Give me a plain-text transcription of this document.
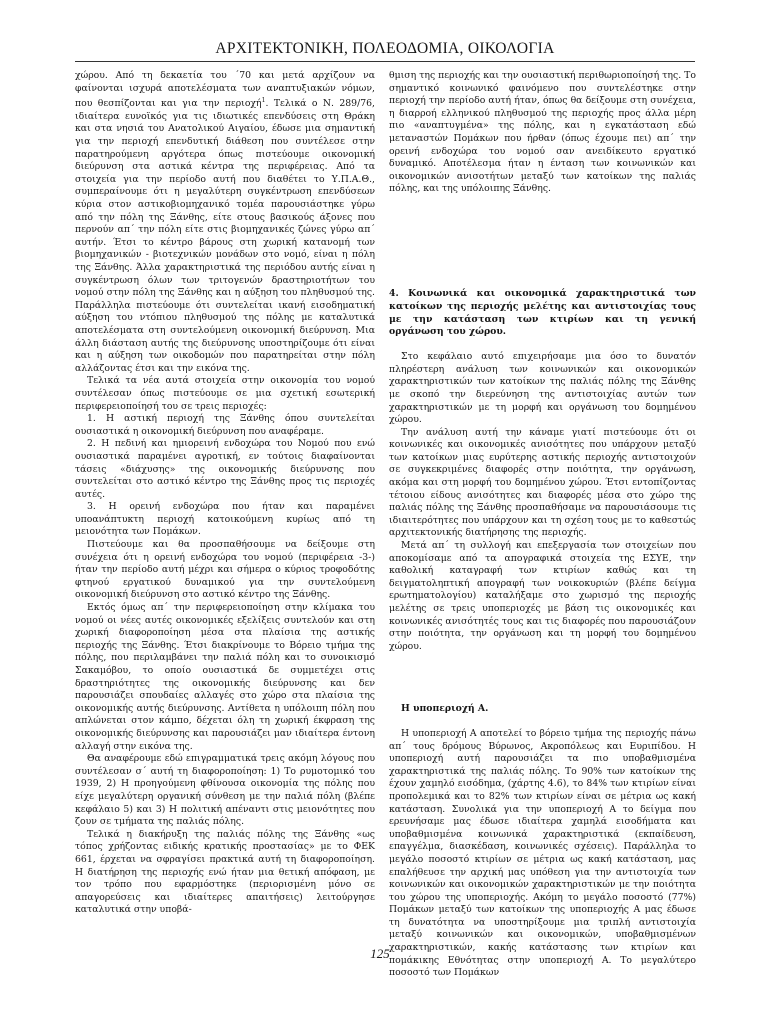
ΑΡΧΙΤΕΚΤΟΝΙΚΗ, ΠΟΛΕΟΔΟΜΙΑ, ΟΙΚΟΛΟΓΙΑ

χώρου. Από τη δεκαετία του ΄70 και μετά αρχίζουν να φαίνονται ισχυρά αποτελέσματα των αναπτυξιακών νόμων, που θεσπίζονται και για την περιοχή$^1$. Τελικά ο Ν. 289/76, ιδιαίτερα ευνοϊκός για τις ιδιωτικές επενδύσεις στη Θράκη και στα νησιά του Ανατολικού Αιγαίου, έδωσε μια σημαντική για την περιοχή επενδυτική διάθεση που συντέλεσε στην παρατηρούμενη αργότερα όπως πιστεύουμε οικονομική διεύρυνση στα αστικά κέντρα της περιφέρειας. Από τα στοιχεία για την περίοδο αυτή που διαθέτει το Υ.Π.Α.Θ., συμπεραίνουμε ότι η μεγαλύτερη συγκέντρωση επενδύσεων κύρια στον αστικοβιομηχανικό τομέα παρουσιάστηκε γύρω από την πόλη της Ξάνθης, είτε στους βασικούς άξονες που περνούν απ΄ την πόλη είτε στις βιομηχανικές ζώνες γύρω απ΄ αυτήν. Έτσι το κέντρο βάρους στη χωρική κατανομή των βιομηχανικών - βιοτεχνικών μονάδων στο νομό, είναι η πόλη της Ξάνθης. Άλλα χαρακτηριστικά της περιόδου αυτής είναι η συγκέντρωση όλων των τριτογενών δραστηριοτήτων του νομού στην πόλη της Ξάνθης και η αύξηση του πληθυσμού της. Παράλληλα πιστεύουμε ότι συντελείται ικανή εισοδηματική αύξηση του ντόπιου πληθυσμού της πόλης με καταλυτικά αποτελέσματα στη συντελούμενη οικονομική διεύρυνση. Μια άλλη διάσταση αυτής της διεύρυνσης υποστηρίζουμε ότι είναι και η αύξηση των οικοδομών που παρατηρείται στην πόλη αλλάζοντας έτσι και την εικόνα της.

Τελικά τα νέα αυτά στοιχεία στην οικονομία του νομού συντέλεσαν όπως πιστεύουμε σε μια σχετική εσωτερική περιφερειοποίησή του σε τρεις περιοχές:

1. Η αστική περιοχή της Ξάνθης όπου συντελείται ουσιαστικά η οικονομική διεύρυνση που αναφέραμε.

2. Η πεδινή και ημιορεινή ενδοχώρα του Νομού που ενώ ουσιαστικά παραμένει αγροτική, εν τούτοις διαφαίνονται τάσεις «διάχυσης» της οικονομικής διεύρυνσης που συντελείται στο αστικό κέντρο της Ξάνθης προς τις περιοχές αυτές.

3. Η ορεινή ενδοχώρα που ήταν και παραμένει υποανάπτυκτη περιοχή κατοικούμενη κυρίως από τη μειονότητα των Πομάκων.

Πιστεύουμε και θα προσπαθήσουμε να δείξουμε στη συνέχεια ότι η ορεινή ενδοχώρα του νομού (περιφέρεια -3-) ήταν την περίοδο αυτή μέχρι και σήμερα ο κύριος τροφοδότης φτηνού εργατικού δυναμικού για την συντελούμενη οικονομική διεύρυνση στο αστικό κέντρο της Ξάνθης.

Εκτός όμως απ΄ την περιφερειοποίηση στην κλίμακα του νομού οι νέες αυτές οικονομικές εξελίξεις συντελούν και στη χωρική διαφοροποίηση μέσα στα πλαίσια της αστικής περιοχής της Ξάνθης. Έτσι διακρίνουμε το Βόρειο τμήμα της πόλης, που περιλαμβάνει την παλιά πόλη και το συνοικισμό Σακαμόβου, το οποίο ουσιαστικά δε συμμετέχει στις δραστηριότητες της οικονομικής διεύρυνσης και δεν παρουσιάζει σπουδαίες αλλαγές στο χώρο στα πλαίσια της οικονομικής αυτής διεύρυνσης. Αντίθετα η υπόλοιπη πόλη που απλώνεται στον κάμπο, δέχεται όλη τη χωρική έκφραση της οικονομικής διεύρυνσης και παρουσιάζει μαν ιδιαίτερα έντονη αλλαγή στην εικόνα της.

Θα αναφέρουμε εδώ επιγραμματικά τρεις ακόμη λόγους που συντέλεσαν σ΄ αυτή τη διαφοροποίηση: 1) Το ρυμοτομικό του 1939, 2) Η προηγούμενη φθίνουσα οικονομία της πόλης που είχε μεγαλύτερη οργανική σύνθεση με την παλιά πόλη (βλέπε κεφάλαιο 5) και 3) Η πολιτική απέναντι στις μειονότητες που ζουν σε τμήματα της παλιάς πόλης.

Τελικά η διακήρυξη της παλιάς πόλης της Ξάνθης «ως τόπος χρήζοντας ειδικής κρατικής προστασίας» με το ΦΕΚ 661, έρχεται να σφραγίσει πρακτικά αυτή τη διαφοροποίηση. Η διατήρηση της περιοχής ενώ ήταν μια θετική απόφαση, με τον τρόπο που εφαρμόστηκε (περιορισμένη μόνο σε απαγορεύσεις και ιδιαίτερες απαιτήσεις) λειτούργησε καταλυτικά στην υποβά-

θμιση της περιοχής και την ουσιαστική περιθωριοποίησή της. Το σημαντικό κοινωνικό φαινόμενο που συντελέστηκε στην περιοχή την περίοδο αυτή ήταν, όπως θα δείξουμε στη συνέχεια, η διαρροή ελληνικού πληθυσμού της περιοχής προς άλλα μέρη πιο «αναπτυγμένα» της πόλης, και η εγκατάσταση εδώ μεταναστών Πομάκων που ήρθαν (όπως έχουμε πει) απ΄ την ορεινή ενδοχώρα του νομού σαν ανειδίκευτο εργατικό δυναμικό. Αποτέλεσμα ήταν η ένταση των κοινωνικών και οικονομικών ανισοτήτων μεταξύ των κατοίκων της παλιάς πόλης, και της υπόλοιπης Ξάνθης.

4. Κοινωνικά και οικονομικά χαρακτηριστικά των κατοίκων της περιοχής μελέτης και αντιστοιχίας τους με την κατάσταση των κτιρίων και τη γενική οργάνωση του χώρου.

Στο κεφάλαιο αυτό επιχειρήσαμε μια όσο το δυνατόν πληρέστερη ανάλυση των κοινωνικών και οικονομικών χαρακτηριστικών των κατοίκων της παλιάς πόλης της Ξάνθης με σκοπό την διερεύνηση της αντιστοιχίας αυτών των χαρακτηριστικών με τη μορφή και οργάνωση του δομημένου χώρου.

Την ανάλυση αυτή την κάναμε γιατί πιστεύουμε ότι οι κοινωνικές και οικονομικές ανισότητες που υπάρχουν μεταξύ των κατοίκων μιας ευρύτερης αστικής περιοχής αντιστοιχούν σε συγκεκριμένες διαφορές στην ποιότητα, την οργάνωση, ακόμα και στη μορφή του δομημένου χώρου. Έτσι εντοπίζοντας τέτοιου είδους ανισότητες και διαφορές μέσα στο χώρο της παλιάς πόλης της Ξάνθης προσπαθήσαμε να παρουσιάσουμε τις ιδιαιτερότητες που υπάρχουν και τη σχέση τους με το καθεστώς αρχιτεκτονικής διατήρησης της περιοχής.

Μετά απ΄ τη συλλογή και επεξεργασία των στοιχείων που αποκομίσαμε από τα απογραφικά στοιχεία της ΕΣΥΕ, την καθολική καταγραφή των κτιρίων καθώς και τη δειγματοληπτική απογραφή των νοικοκυριών (βλέπε δείγμα ερωτηματολογίου) καταλήξαμε στο χωρισμό της περιοχής μελέτης σε τρεις υποπεριοχές με βάση τις οικονομικές και κοινωνικές ανισότητές τους και τις διαφορές που παρουσιάζουν στην ποιότητα, την οργάνωση και τη μορφή του δομημένου χώρου.

Η υποπεριοχή Α.

Η υποπεριοχή Α αποτελεί το βόρειο τμήμα της περιοχής πάνω απ΄ τους δρόμους Βύρωνος, Ακροπόλεως και Ευριπίδου. Η υποπεριοχή αυτή παρουσιάζει τα πιο υποβαθμισμένα χαρακτηριστικά της παλιάς πόλης. Το 90% των κατοίκων της έχουν χαμηλό εισόδημα, (χάρτης 4.6), το 84% των κτιρίων είναι προπολεμικά και το 82% των κτιρίων είναι σε μέτρια ως κακή κατάσταση. Συνολικά για την υποπεριοχή Α το δείγμα που ερευνήσαμε μας έδωσε ιδιαίτερα χαμηλά εισοδήματα και υποβαθμισμένα κοινωνικά χαρακτηριστικά (εκπαίδευση, επαγγέλμα, διασκέδαση, κοινωνικές σχέσεις). Παράλληλα το μεγάλο ποσοστό κτιρίων σε μέτρια ως κακή κατάσταση, μας επαλήθευσε την αρχική μας υπόθεση για την αντιστοιχία των κοινωνικών και οικονομικών χαρακτηριστικών με την ποιότητα του χώρου της υποπεριοχής. Ακόμη το μεγάλο ποσοστό (77%) Πομάκων μεταξύ των κατοίκων της υποπεριοχής Α μας έδωσε τη δυνατότητα να υποστηρίξουμε μια τριπλή αντιστοιχία μεταξύ κοινωνικών και οικονομικών, υποβαθμισμένων χαρακτηριστικών, κακής κατάστασης των κτιρίων και πομάκικης Εθνότητας στην υποπεριοχή Α. Το μεγαλύτερο ποσοστό των Πομάκων

125
